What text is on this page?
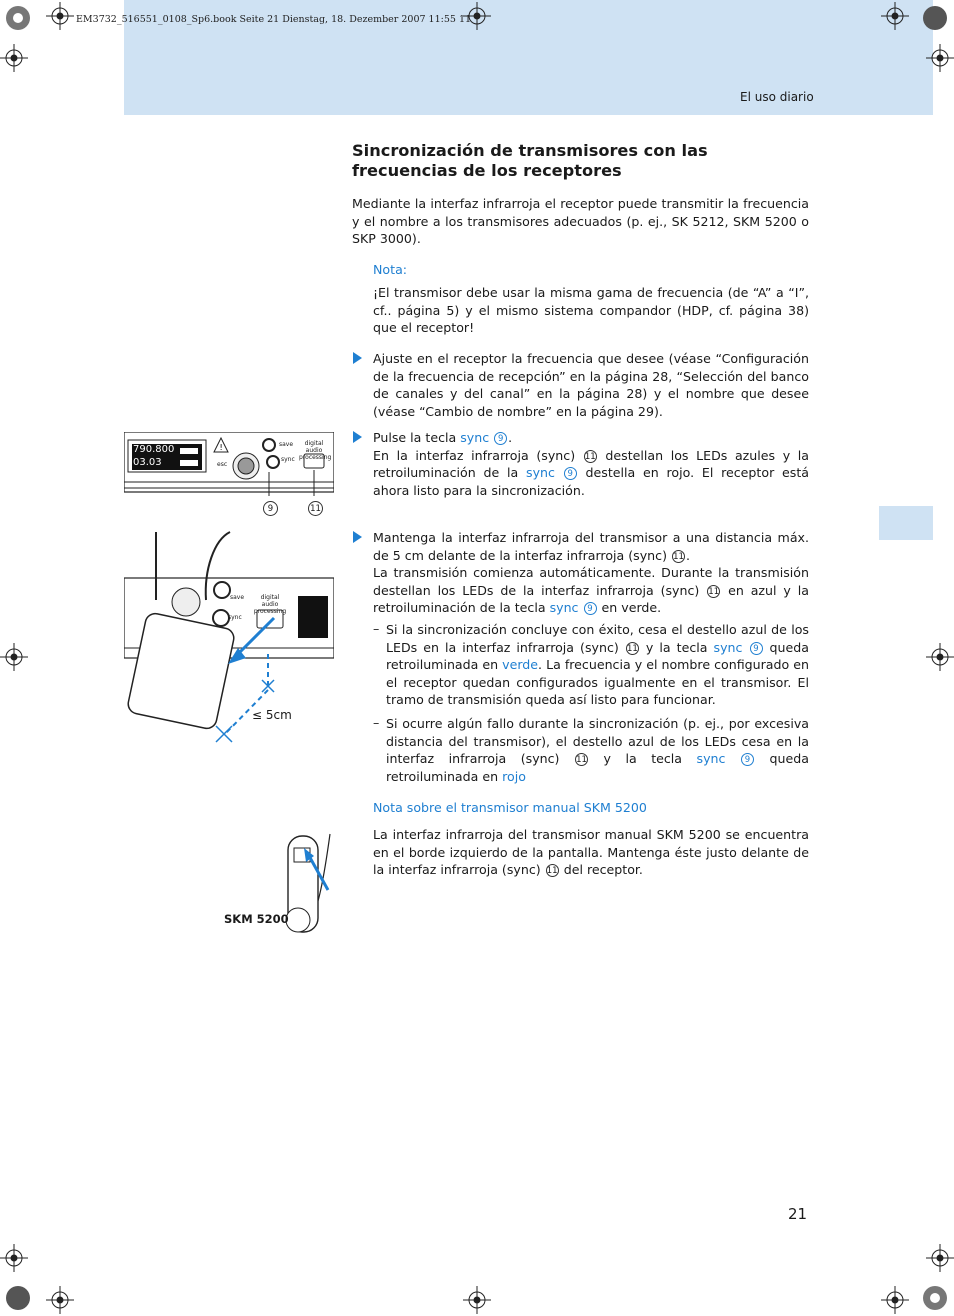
El uso diario
EM3732_516551_0108_Sp6.book Seite 21 Dienstag, 18. Dezember 2007 11:55 11
Sincronización de transmisores con las frecuencias de los receptores
Mediante la interfaz infrarroja el receptor puede transmitir la frecuencia y el nombre a los transmisores adecuados (p. ej., SK 5212, SKM 5200 o SKP 3000).
Nota:
¡El transmisor debe usar la misma gama de frecuencia (de “A” a “I”, cf.. página 5) y el mismo sistema compandor (HDP, cf. página 38) que el receptor!
Ajuste en el receptor la frecuencia que desee (véase “Configuración de la frecuencia de recepción” en la página 28, “Selección del banco de canales y del canal” en la página 28) y el nombre que desee (véase “Cambio de nombre” en la página 29).
Pulse la tecla sync 9 .
En la interfaz infrarroja (sync) 11 destellan los LEDs azules y la retroiluminación de la sync 9 destella en rojo. El receptor está ahora listo para la sincronización.
Mantenga la interfaz infrarroja del transmisor a una distancia máx. de 5 cm delante de la interfaz infrarroja (sync) 11 .
La transmisión comienza automáticamente. Durante la transmisión destellan los LEDs de la interfaz infrarroja (sync) 11 en azul y la retroiluminación de la tecla sync 9 en verde.
– Si la sincronización concluye con éxito, cesa el destello azul de los LEDs en la interfaz infrarroja (sync) 11 y la tecla sync 9 queda retroiluminada en verde. La frecuencia y el nombre configurado en el receptor quedan configurados igualmente en el transmisor. El tramo de transmisión queda así listo para funcionar.
– Si ocurre algún fallo durante la sincronización (p. ej., por excesiva distancia del transmisor), el destello azul de los LEDs cesa en la interfaz infrarroja (sync) 11 y la tecla sync 9 queda retroiluminada en rojo
Nota sobre el transmisor manual SKM 5200
La interfaz infrarroja del transmisor manual SKM 5200 se encuentra en el borde izquierdo de la pantalla. Mantenga éste justo delante de la interfaz infrarroja (sync) 11 del receptor.
!
790.800
03.03	esc
save
sync
digital audio processing
9	11
save
sync
digital audio processing
≤ 5cm
SKM 5200
21
